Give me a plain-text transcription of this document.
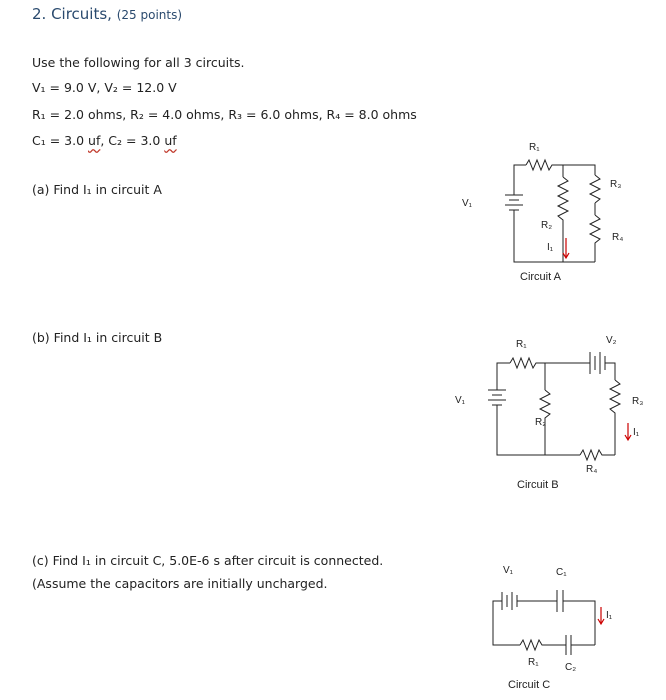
2. Circuits, (25 points)
Use the following for all 3 circuits.
V₁ = 9.0 V, V₂ = 12.0 V
R₁ = 2.0 ohms, R₂ = 4.0 ohms, R₃ = 6.0 ohms, R₄ = 8.0 ohms
C₁ = 3.0 uf, C₂ = 3.0 uf
(a) Find I₁ in circuit A
(b) Find I₁ in circuit B
(c) Find I₁ in circuit C, 5.0E-6 s after circuit is connected.
(Assume the capacitors are initially uncharged.
R₁
R₂
R₃
R₄
V₁
I₁
Circuit A
R₁	V₂
V₁
R₂
R₃
R₄
I₁
Circuit B
V₁	C₁
R₁	C₂
I₁
Circuit C
